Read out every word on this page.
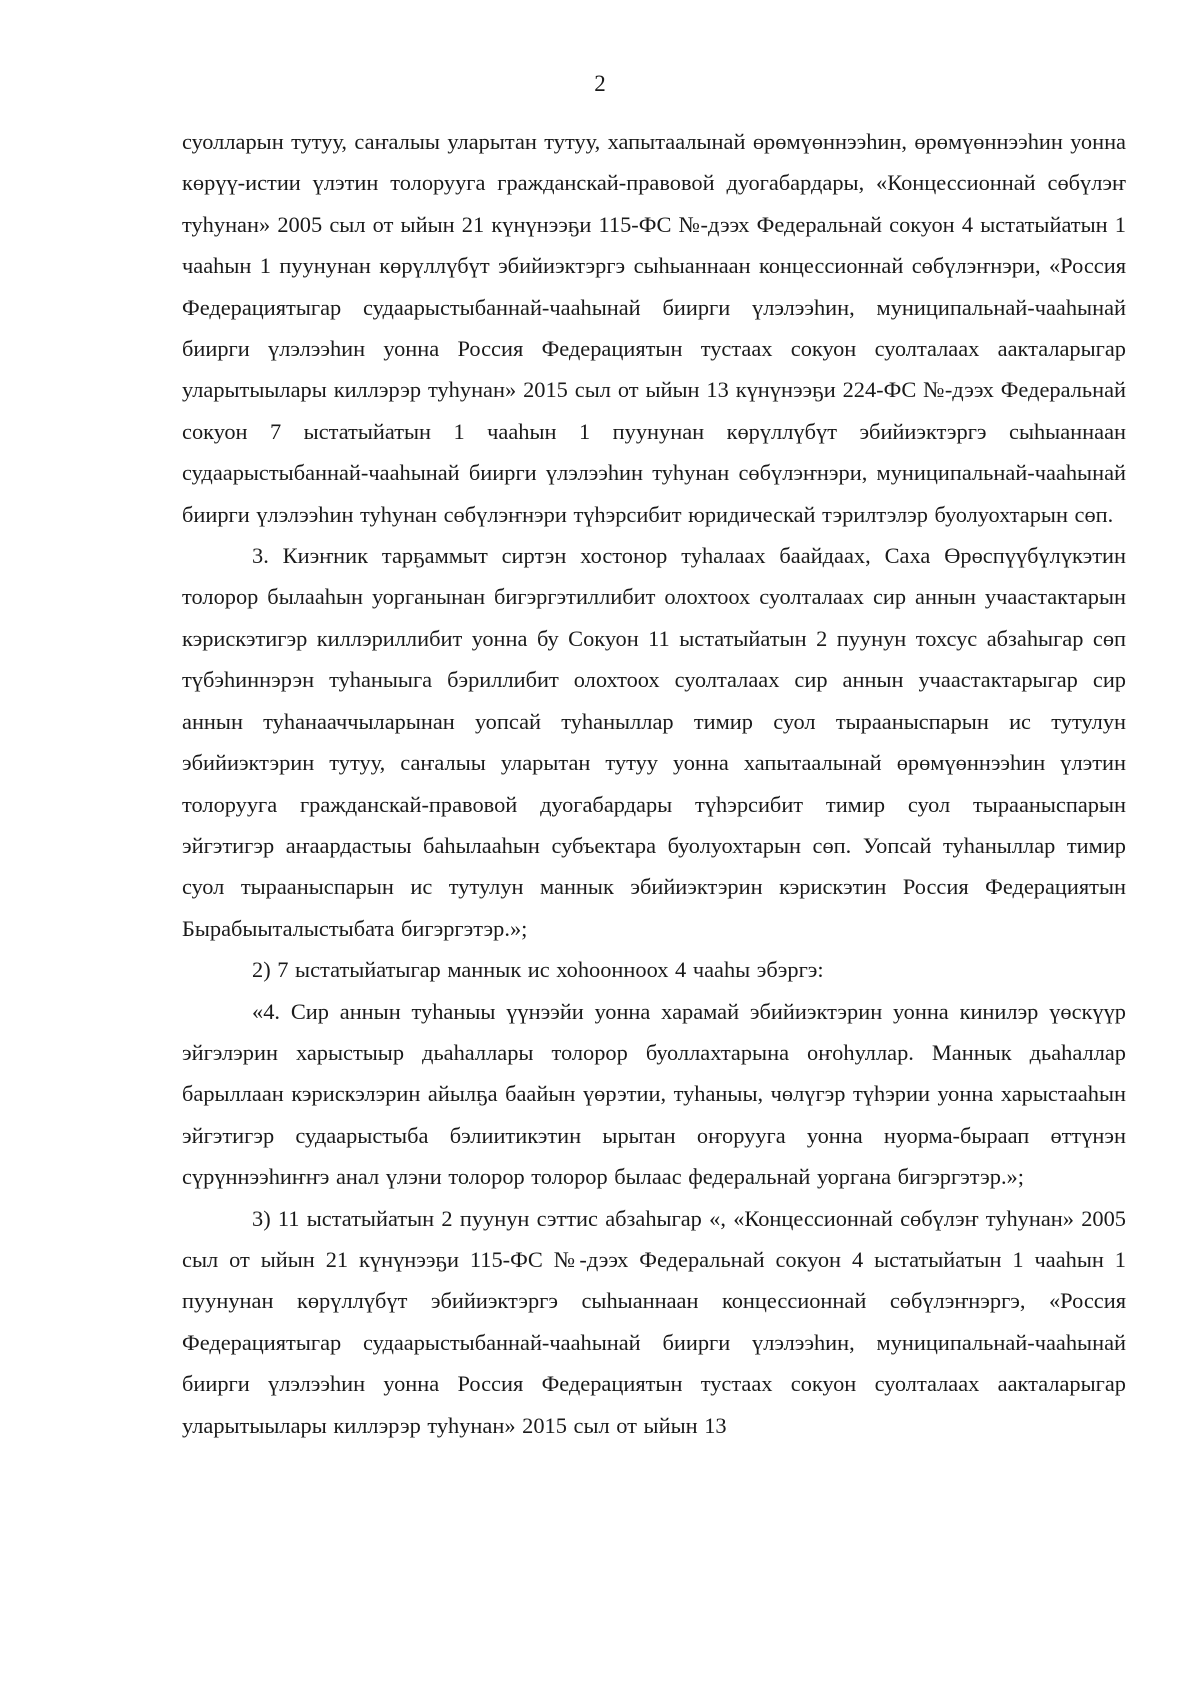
2

суолларын тутуу, саҥалыы уларытан тутуу, хапытаалынай өрөмүөннээһин, өрөмүөннээһин уонна көрүү-истии үлэтин толоруугa гражданскай-правовой дуогабардары, «Концессионнай сөбүлэҥ туһунан» 2005 сыл от ыйын 21 күнүнээҕи 115-ФС №-дээх Федеральнай сокуон 4 ыстатыйатын 1 чааһын 1 пуунунан көрүллүбүт эбийиэктэргэ сыһыаннаан концессионнай сөбүлэҥнэри, «Россия Федерациятыгар судаарыстыбаннай-чааһынай биирги үлэлээһин, муниципальнай-чааһынай биирги үлэлээһин уонна Россия Федерациятын тустаах сокуон суолталаах аакталарыгар уларытыылары киллэрэр туһунан» 2015 сыл от ыйын 13 күнүнээҕи 224-ФС №-дээх Федеральнай сокуон 7 ыстатыйатын 1 чааһын 1 пуунунан көрүллүбүт эбийиэктэргэ сыһыаннаан судаарыстыбаннай-чааһынай биирги үлэлээһин туһунан сөбүлэҥнэри, муниципальнай-чааһынай биирги үлэлээһин туһунан сөбүлэҥнэри түһэрсибит юридическай тэрилтэлэр буолуохтарын сөп.

3. Киэҥник тарҕаммыт сиртэн хостонор туһалаах баайдаах, Саха Өрөспүүбүлүкэтин толорор былааһын уорганынан бигэргэтиллибит олохтоох суолталаах сир аннын учаастактарын кэрискэтигэр киллэриллибит уонна бу Сокуон 11 ыстатыйатын 2 пуунун тохсус абзаһыгар сөп түбэһиннэрэн туһаныыга бэриллибит олохтоох суолталаах сир аннын учаастактарыгар сир аннын туһанааччыларынан уопсай туһаныллар тимир суол тырааныспарын ис тутулун эбийиэктэрин тутуу, саҥалыы уларытан тутуу уонна хапытаалынай өрөмүөннээһин үлэтин толорууга гражданскай-правовой дуогабардары түһэрсибит тимир суол тырааныспарын эйгэтигэр аҥаардастыы баһылааһын субъектара буолуохтарын сөп. Уопсай туһаныллар тимир суол тырааныспарын ис тутулун маннык эбийиэктэрин кэрискэтин Россия Федерациятын Бырабыыталыстыбата бигэргэтэр.»;

2) 7 ыстатыйатыгар маннык ис хоһоонноох 4 чааһы эбэргэ:

«4. Сир аннын туһаныы үүнээйи уонна харамай эбийиэктэрин уонна кинилэр үөскүүр эйгэлэрин харыстыыр дьаһаллары толорор буоллахтарына оҥоһуллар. Маннык дьаһаллар барыллаан кэрискэлэрин айылҕа баайын үөрэтии, туһаныы, чөлүгэр түһэрии уонна харыстааһын эйгэтигэр судаарыстыба бэлиитикэтин ырытан оҥорууга уонна нуорма-быраап өттүнэн сүрүннээһиҥҥэ анал үлэни толорор толорор былаас федеральнай уоргана бигэргэтэр.»;

3) 11 ыстатыйатын 2 пуунун сэттис абзаһыгар «, «Концессионнай сөбүлэҥ туһунан» 2005 сыл от ыйын 21 күнүнээҕи 115-ФС №-дээх Федеральнай сокуон 4 ыстатыйатын 1 чааһын 1 пуунунан көрүллүбүт эбийиэктэргэ сыһыаннаан концессионнай сөбүлэҥнэргэ, «Россия Федерациятыгар судаарыстыбаннай-чааһынай биирги үлэлээһин, муниципальнай-чааһынай биирги үлэлээһин уонна Россия Федерациятын тустаах сокуон суолталаах аакталарыгар уларытыылары киллэрэр туһунан» 2015 сыл от ыйын 13
